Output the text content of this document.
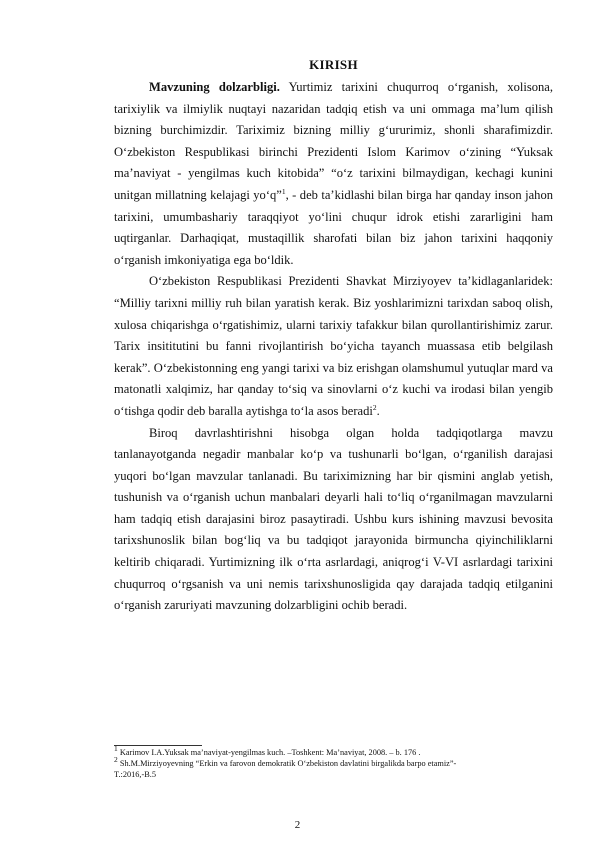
KIRISH

Mavzuning dolzarbligi. Yurtimiz tarixini chuqurroq oʻrganish, xolisona, tarixiylik va ilmiylik nuqtayi nazaridan tadqiq etish va uni ommaga ma’lum qilish bizning burchimizdir. Tariximiz bizning milliy gʻururimiz, shonli sharafimizdir. Oʻzbekiston Respublikasi birinchi Prezidenti Islom Karimov oʻzining “Yuksak ma’naviyat - yengilmas kuch kitobida” “oʻz tarixini bilmaydigan, kechagi kunini unitgan millatning kelajagi yoʻq”$^1$, - deb ta’kidlashi bilan birga har qanday inson jahon tarixini, umumbashariy taraqqiyot yoʻlini chuqur idrok etishi zararligini ham uqtirganlar. Darhaqiqat, mustaqillik sharofati bilan biz jahon tarixini haqqoniy oʻrganish imkoniyatiga ega boʻldik.

Oʻzbekiston Respublikasi Prezidenti Shavkat Mirziyoyev ta’kidlaganlaridek: “Milliy tarixni milliy ruh bilan yaratish kerak. Biz yoshlarimizni tarixdan saboq olish, xulosa chiqarishga oʻrgatishimiz, ularni tarixiy tafakkur bilan qurollantirishimiz zarur. Tarix insititutini bu fanni rivojlantirish boʻyicha tayanch muassasa etib belgilash kerak”. Oʻzbekistonning eng yangi tarixi va biz erishgan olamshumul yutuqlar mard va matonatli xalqimiz, har qanday toʻsiq va sinovlarni oʻz kuchi va irodasi bilan yengib oʻtishga qodir deb baralla aytishga toʻla asos beradi$^2$.

Biroq davrlashtirishni hisobga olgan holda tadqiqotlarga mavzu tanlanayotganda negadir manbalar koʻp va tushunarli boʻlgan, oʻrganilish darajasi yuqori boʻlgan mavzular tanlanadi. Bu tariximizning har bir qismini anglab yetish, tushunish va oʻrganish uchun manbalari deyarli hali toʻliq oʻrganilmagan mavzularni ham tadqiq etish darajasini biroz pasaytiradi. Ushbu kurs ishining mavzusi bevosita tarixshunoslik bilan bogʻliq va bu tadqiqot jarayonida birmuncha qiyinchiliklarni keltirib chiqaradi. Yurtimizning ilk oʻrta asrlardagi, aniqrogʻi V-VI asrlardagi tarixini chuqurroq oʻrgsanish va uni nemis tarixshunosligida qay darajada tadqiq etilganini oʻrganish zaruriyati mavzuning dolzarbligini ochib beradi.

$^1$ Karimov I.A.Yuksak ma’naviyat-yengilmas kuch. –Toshkent: Ma’naviyat, 2008. – b. 176 .
$^2$ Sh.M.Mirziyoyevning “Erkin va farovon demokratik Oʻzbekiston davlatini birgalikda barpo etamiz”-
T.:2016,-B.5
2
